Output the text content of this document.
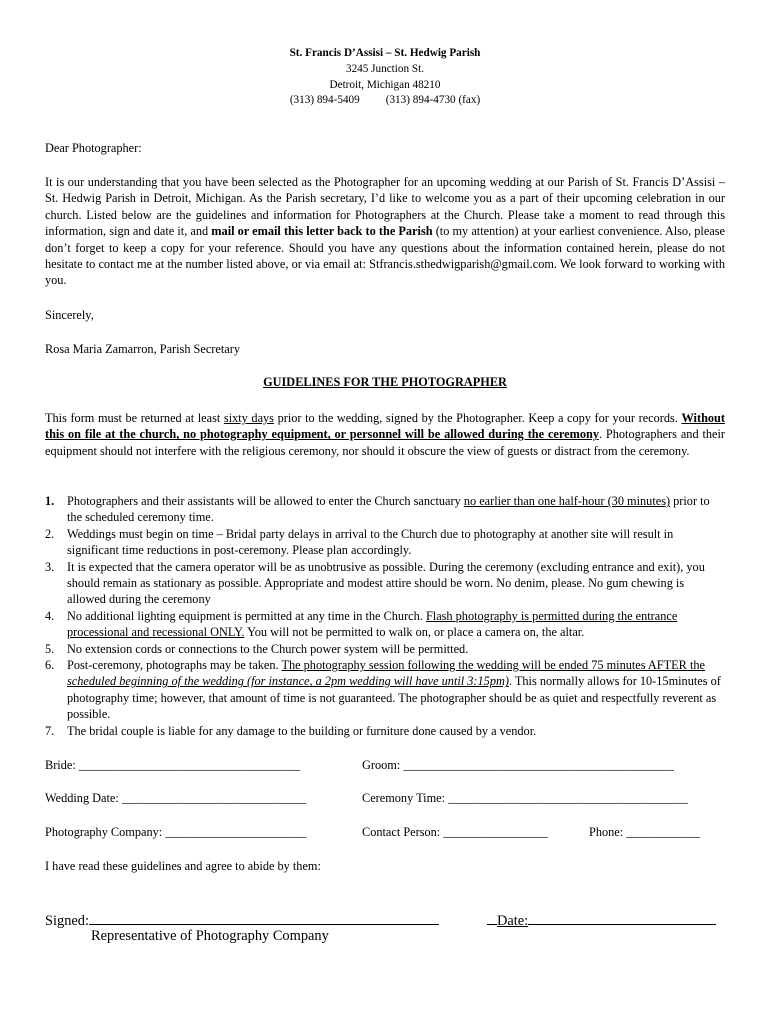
St. Francis D’Assisi – St. Hedwig Parish
3245 Junction St.
Detroit, Michigan 48210
(313) 894-5409 (313) 894-4730 (fax)
Dear Photographer:
It is our understanding that you have been selected as the Photographer for an upcoming wedding at our Parish of St. Francis D’Assisi – St. Hedwig Parish in Detroit, Michigan. As the Parish secretary, I’d like to welcome you as a part of their upcoming celebration in our church. Listed below are the guidelines and information for Photographers at the Church. Please take a moment to read through this information, sign and date it, and mail or email this letter back to the Parish (to my attention) at your earliest convenience. Also, please don’t forget to keep a copy for your reference. Should you have any questions about the information contained herein, please do not hesitate to contact me at the number listed above, or via email at: Stfrancis.sthedwigparish@gmail.com. We look forward to working with you.
Sincerely,
Rosa Maria Zamarron, Parish Secretary
GUIDELINES FOR THE PHOTOGRAPHER
This form must be returned at least sixty days prior to the wedding, signed by the Photographer. Keep a copy for your records. Without this on file at the church, no photography equipment, or personnel will be allowed during the ceremony. Photographers and their equipment should not interfere with the religious ceremony, nor should it obscure the view of guests or distract from the ceremony.
1. Photographers and their assistants will be allowed to enter the Church sanctuary no earlier than one half-hour (30 minutes) prior to the scheduled ceremony time.
2. Weddings must begin on time – Bridal party delays in arrival to the Church due to photography at another site will result in significant time reductions in post-ceremony. Please plan accordingly.
3. It is expected that the camera operator will be as unobtrusive as possible. During the ceremony (excluding entrance and exit), you should remain as stationary as possible. Appropriate and modest attire should be worn. No denim, please. No gum chewing is allowed during the ceremony
4. No additional lighting equipment is permitted at any time in the Church. Flash photography is permitted during the entrance processional and recessional ONLY. You will not be permitted to walk on, or place a camera on, the altar.
5. No extension cords or connections to the Church power system will be permitted.
6. Post-ceremony, photographs may be taken. The photography session following the wedding will be ended 75 minutes AFTER the scheduled beginning of the wedding (for instance, a 2pm wedding will have until 3:15pm). This normally allows for 10-15minutes of photography time; however, that amount of time is not guaranteed. The photographer should be as quiet and respectfully reverent as possible.
7. The bridal couple is liable for any damage to the building or furniture done caused by a vendor.
Bride: ____________________________________	Groom: ____________________________________________
Wedding Date: ______________________________	Ceremony Time: _______________________________________
Photography Company: _______________________	Contact Person: _________________	Phone: ____________
I have read these guidelines and agree to abide by them:
Signed:	Date:
Representative of Photography Company
